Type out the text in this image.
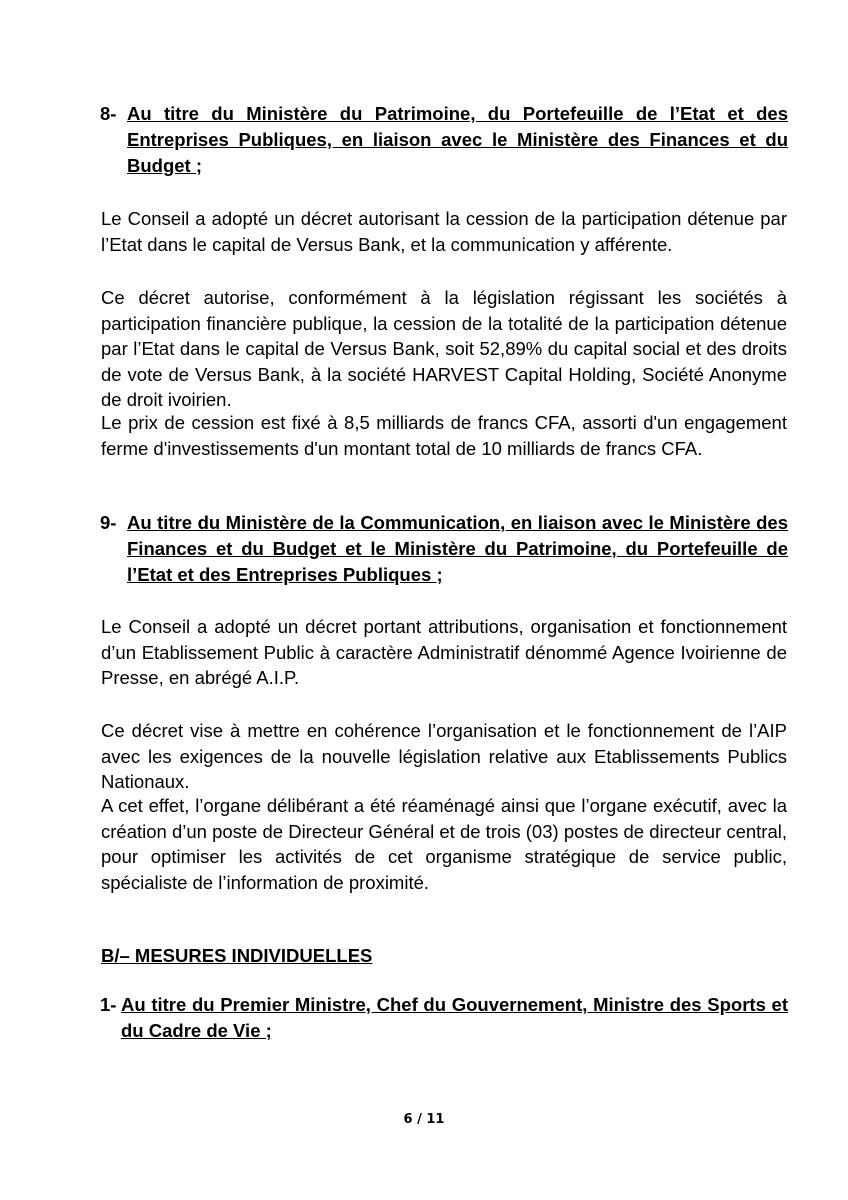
8- Au titre du Ministère du Patrimoine, du Portefeuille de l’Etat et des Entreprises Publiques, en liaison avec le Ministère des Finances et du Budget ;

Le Conseil a adopté un décret autorisant la cession de la participation détenue par l’Etat dans le capital de Versus Bank, et la communication y afférente.

Ce décret autorise, conformément à la législation régissant les sociétés à participation financière publique, la cession de la totalité de la participation détenue par l’Etat dans le capital de Versus Bank, soit 52,89% du capital social et des droits de vote de Versus Bank, à la société HARVEST Capital Holding, Société Anonyme de droit ivoirien.

Le prix de cession est fixé à 8,5 milliards de francs CFA, assorti d'un engagement ferme d'investissements d'un montant total de 10 milliards de francs CFA.

9- Au titre du Ministère de la Communication, en liaison avec le Ministère des Finances et du Budget et le Ministère du Patrimoine, du Portefeuille de l’Etat et des Entreprises Publiques ;

Le Conseil a adopté un décret portant attributions, organisation et fonctionnement d’un Etablissement Public à caractère Administratif dénommé Agence Ivoirienne de Presse, en abrégé A.I.P.

Ce décret vise à mettre en cohérence l’organisation et le fonctionnement de l’AIP avec les exigences de la nouvelle législation relative aux Etablissements Publics Nationaux.

A cet effet, l’organe délibérant a été réaménagé ainsi que l’organe exécutif, avec la création d’un poste de Directeur Général et de trois (03) postes de directeur central, pour optimiser les activités de cet organisme stratégique de service public, spécialiste de l’information de proximité.

B/– MESURES INDIVIDUELLES
1- Au titre du Premier Ministre, Chef du Gouvernement, Ministre des Sports et du Cadre de Vie ;
6 / 11
